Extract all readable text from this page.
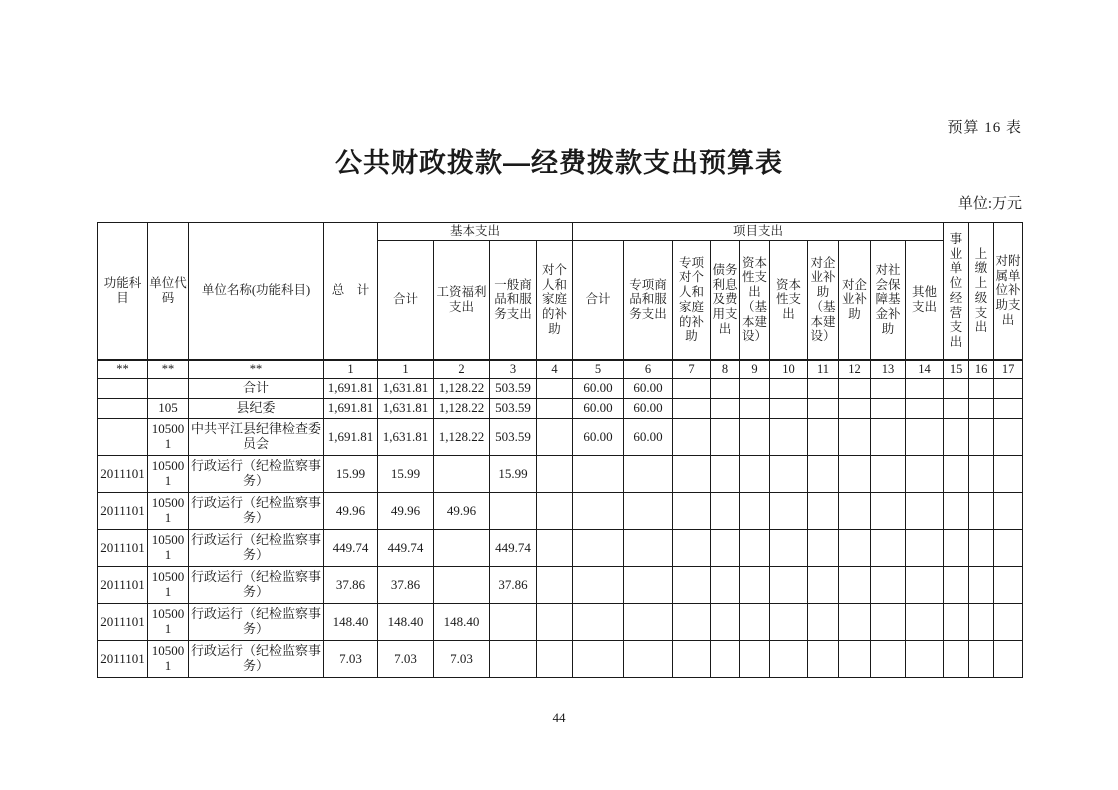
预算 16 表
公共财政拨款—经费拨款支出预算表
单位:万元
功能科目	单位代码	单位名称(功能科目)	总　计	基本支出				项目支出										事业单位经营支出	上缴上级支出	对附属单位补助支出
				合计	工资福利支出	一般商品和服务支出	对个人和家庭的补助	合计	专项商品和服务支出	专项对个人和家庭的补助	债务利息及费用支出	资本性支出（基本建设）	资本性支出	对企业补助（基本建设）	对企业补助	对社会保障基金补助	其他支出			
**	**	**	1	1	2	3	4	5	6	7	8	9	10	11	12	13	14	15	16	17
		合计	1,691.81	1,631.81	1,128.22	503.59		60.00	60.00											
	105	县纪委	1,691.81	1,631.81	1,128.22	503.59		60.00	60.00											
	105001	中共平江县纪律检查委员会	1,691.81	1,631.81	1,128.22	503.59		60.00	60.00											
2011101	105001	行政运行（纪检监察事务）	15.99	15.99		15.99														
2011101	105001	行政运行（纪检监察事务）	49.96	49.96	49.96															
2011101	105001	行政运行（纪检监察事务）	449.74	449.74		449.74														
2011101	105001	行政运行（纪检监察事务）	37.86	37.86		37.86														
2011101	105001	行政运行（纪检监察事务）	148.40	148.40	148.40															
2011101	105001	行政运行（纪检监察事务）	7.03	7.03	7.03															
44
